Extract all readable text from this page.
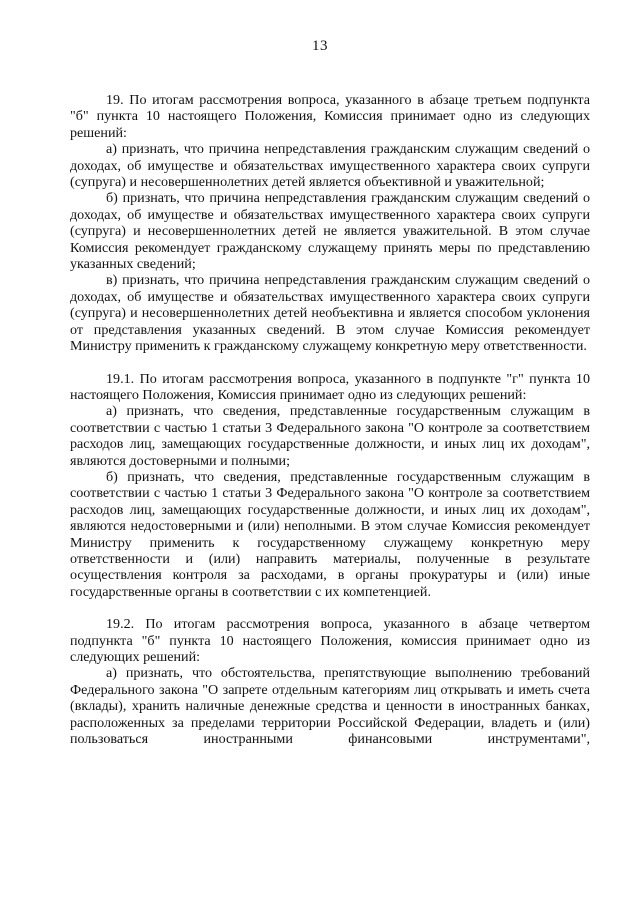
13

19. По итогам рассмотрения вопроса, указанного в абзаце третьем подпункта "б" пункта 10 настоящего Положения, Комиссия принимает одно из следующих решений:

а) признать, что причина непредставления гражданским служащим сведений о доходах, об имуществе и обязательствах имущественного характера своих супруги (супруга) и несовершеннолетних детей является объективной и уважительной;

б) признать, что причина непредставления гражданским служащим сведений о доходах, об имуществе и обязательствах имущественного характера своих супруги (супруга) и несовершеннолетних детей не является уважительной. В этом случае Комиссия рекомендует гражданскому служащему принять меры по представлению указанных сведений;

в) признать, что причина непредставления гражданским служащим сведений о доходах, об имуществе и обязательствах имущественного характера своих супруги (супруга) и несовершеннолетних детей необъективна и является способом уклонения от представления указанных сведений. В этом случае Комиссия рекомендует Министру применить к гражданскому служащему конкретную меру ответственности.

19.1. По итогам рассмотрения вопроса, указанного в подпункте "г" пункта 10 настоящего Положения, Комиссия принимает одно из следующих решений:

а) признать, что сведения, представленные государственным служащим в соответствии с частью 1 статьи 3 Федерального закона "О контроле за соответствием расходов лиц, замещающих государственные должности, и иных лиц их доходам", являются достоверными и полными;

б) признать, что сведения, представленные государственным служащим в соответствии с частью 1 статьи 3 Федерального закона "О контроле за соответствием расходов лиц, замещающих государственные должности, и иных лиц их доходам", являются недостоверными и (или) неполными. В этом случае Комиссия рекомендует Министру применить к государственному служащему конкретную меру ответственности и (или) направить материалы, полученные в результате осуществления контроля за расходами, в органы прокуратуры и (или) иные государственные органы в соответствии с их компетенцией.

19.2. По итогам рассмотрения вопроса, указанного в абзаце четвертом подпункта "б" пункта 10 настоящего Положения, комиссия принимает одно из следующих решений:

а) признать, что обстоятельства, препятствующие выполнению требований Федерального закона "О запрете отдельным категориям лиц открывать и иметь счета (вклады), хранить наличные денежные средства и ценности в иностранных банках, расположенных за пределами территории Российской Федерации, владеть и (или) пользоваться иностранными финансовыми инструментами",
